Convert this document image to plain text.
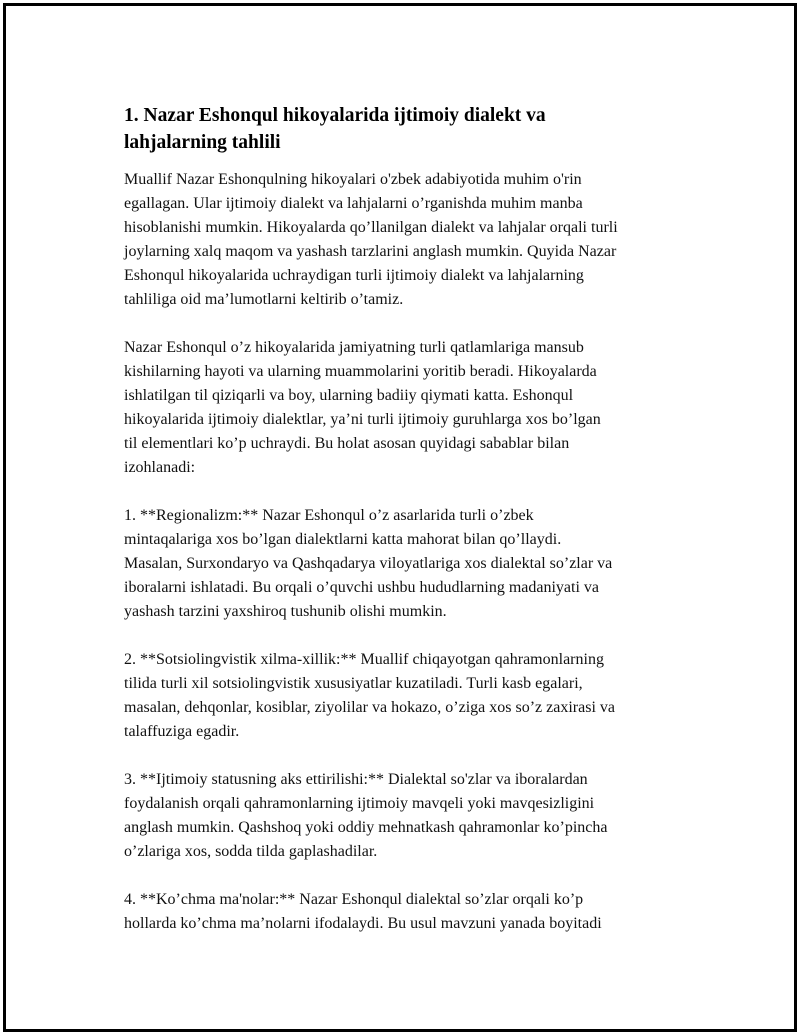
1. Nazar Eshonqul hikoyalarida ijtimoiy dialekt va
lahjalarning tahlili

Muallif Nazar Eshonqulning hikoyalari o'zbek adabiyotida muhim o'rin
egallagan. Ular ijtimoiy dialekt va lahjalarni o’rganishda muhim manba
hisoblanishi mumkin. Hikoyalarda qo’llanilgan dialekt va lahjalar orqali turli
joylarning xalq maqom va yashash tarzlarini anglash mumkin. Quyida Nazar
Eshonqul hikoyalarida uchraydigan turli ijtimoiy dialekt va lahjalarning
tahliliga oid ma’lumotlarni keltirib o’tamiz.

Nazar Eshonqul o’z hikoyalarida jamiyatning turli qatlamlariga mansub
kishilarning hayoti va ularning muammolarini yoritib beradi. Hikoyalarda
ishlatilgan til qiziqarli va boy, ularning badiiy qiymati katta. Eshonqul
hikoyalarida ijtimoiy dialektlar, ya’ni turli ijtimoiy guruhlarga xos bo’lgan
til elementlari ko’p uchraydi. Bu holat asosan quyidagi sabablar bilan
izohlanadi:

1. **Regionalizm:** Nazar Eshonqul o’z asarlarida turli o’zbek
mintaqalariga xos bo’lgan dialektlarni katta mahorat bilan qo’llaydi.
Masalan, Surxondaryo va Qashqadarya viloyatlariga xos dialektal so’zlar va
iboralarni ishlatadi. Bu orqali o’quvchi ushbu hududlarning madaniyati va
yashash tarzini yaxshiroq tushunib olishi mumkin.

2. **Sotsiolingvistik xilma-xillik:** Muallif chiqayotgan qahramonlarning
tilida turli xil sotsiolingvistik xususiyatlar kuzatiladi. Turli kasb egalari,
masalan, dehqonlar, kosiblar, ziyolilar va hokazo, o’ziga xos so’z zaxirasi va
talaffuziga egadir.

3. **Ijtimoiy statusning aks ettirilishi:** Dialektal so'zlar va iboralardan
foydalanish orqali qahramonlarning ijtimoiy mavqeli yoki mavqesizligini
anglash mumkin. Qashshoq yoki oddiy mehnatkash qahramonlar ko’pincha
o’zlariga xos, sodda tilda gaplashadilar.

4. **Ko’chma ma'nolar:** Nazar Eshonqul dialektal so’zlar orqali ko’p
hollarda ko’chma ma’nolarni ifodalaydi. Bu usul mavzuni yanada boyitadi
